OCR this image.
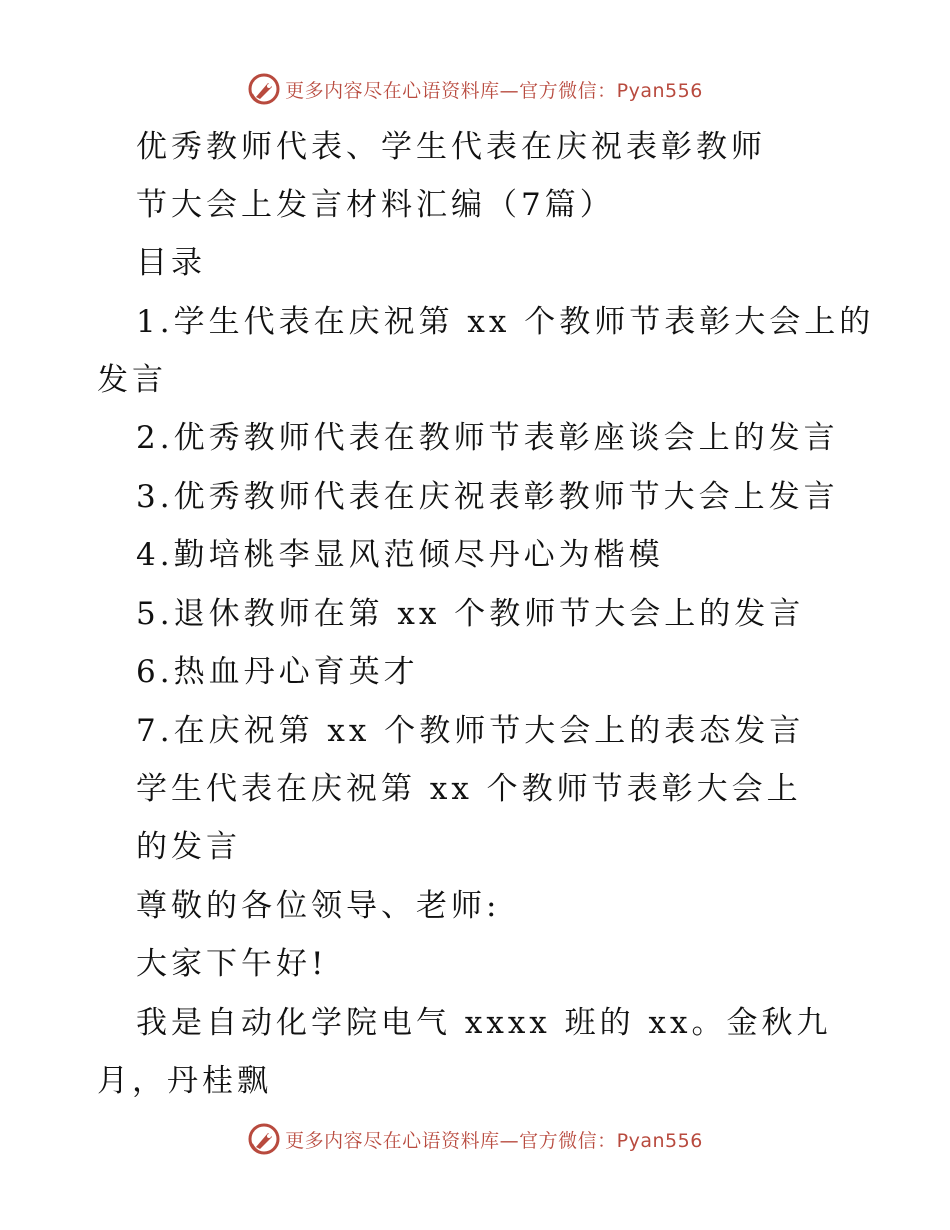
更多内容尽在心语资料库—官方微信：Pyan556
优秀教师代表、学生代表在庆祝表彰教师
节大会上发言材料汇编（7篇）
目录
1.学生代表在庆祝第 xx 个教师节表彰大会上的
发言
2.优秀教师代表在教师节表彰座谈会上的发言
3.优秀教师代表在庆祝表彰教师节大会上发言
4.勤培桃李显风范倾尽丹心为楷模
5.退休教师在第 xx 个教师节大会上的发言
6.热血丹心育英才
7.在庆祝第 xx 个教师节大会上的表态发言
学生代表在庆祝第 xx 个教师节表彰大会上
的发言
尊敬的各位领导、老师:
大家下午好!
我是自动化学院电气 xxxx 班的 xx。金秋九
月，丹桂飘
更多内容尽在心语资料库—官方微信：Pyan556
